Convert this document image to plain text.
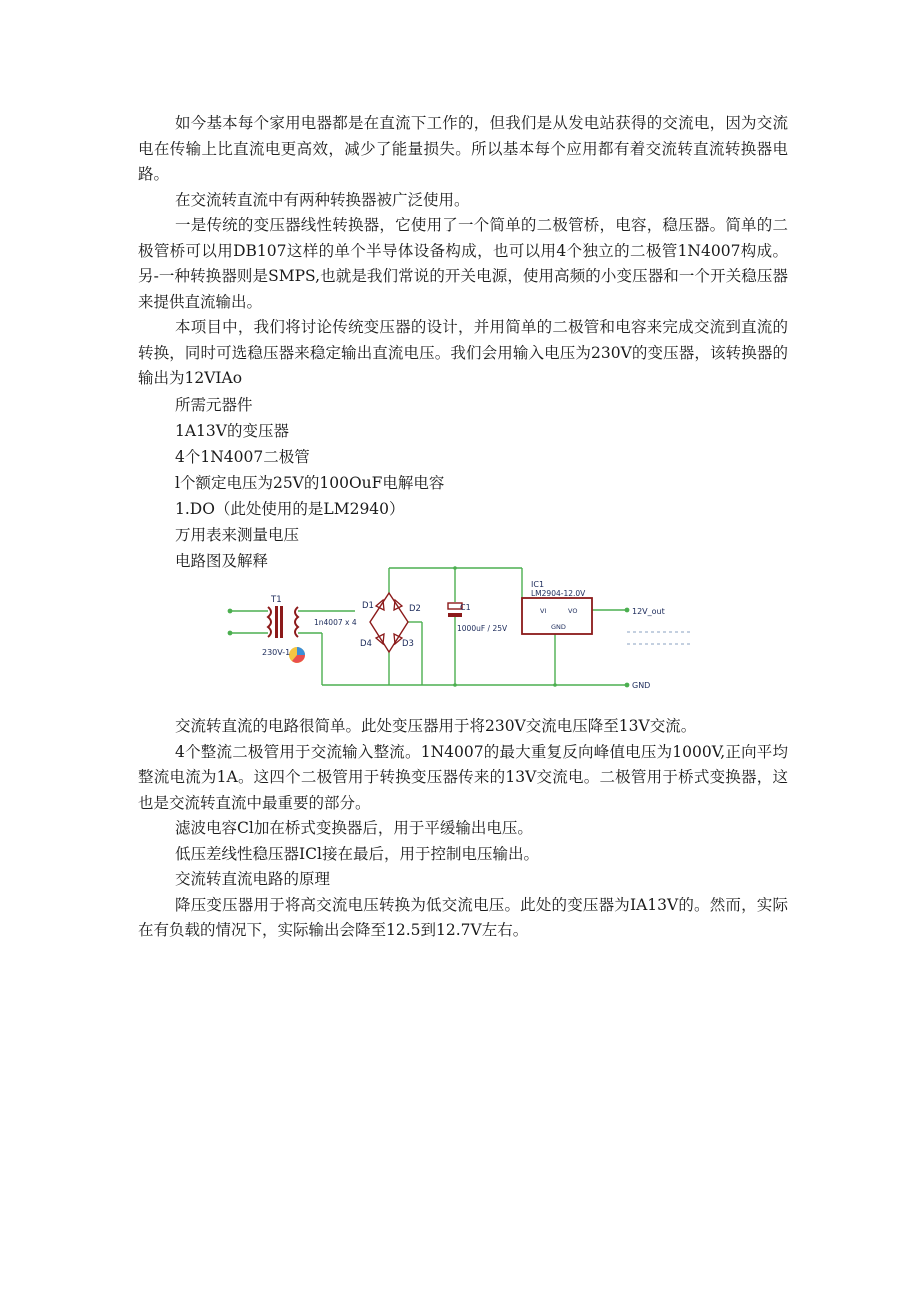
如今基本每个家用电器都是在直流下工作的，但我们是从发电站获得的交流电，因为交流电在传输上比直流电更高效，减少了能量损失。所以基本每个应用都有着交流转直流转换器电路。

在交流转直流中有两种转换器被广泛使用。

一是传统的变压器线性转换器，它使用了一个简单的二极管桥，电容，稳压器。简单的二极管桥可以用DB107这样的单个半导体设备构成，也可以用4个独立的二极管1N4007构成。另-一种转换器则是SMPS,也就是我们常说的开关电源，使用高频的小变压器和一个开关稳压器来提供直流输出。

本项目中，我们将讨论传统变压器的设计，并用简单的二极管和电容来完成交流到直流的转换，同时可选稳压器来稳定输出直流电压。我们会用输入电压为230V的变压器，该转换器的输出为12VIAo

所需元器件

1A13V的变压器

4个1N4007二极管

l个额定电压为25V的100OuF电解电容

1.DO（此处使用的是LM2940）

万用表来测量电压

电路图及解释

T1
230V-1
D1	D2
D3
D4
1n4007 x 4
C1
1000uF / 25V
IC1
LM2904-12.0V
VI	VO
GND
12V_out
GND

交流转直流的电路很简单。此处变压器用于将230V交流电压降至13V交流。

4个整流二极管用于交流输入整流。1N4007的最大重复反向峰值电压为1000V,正向平均整流电流为1A。这四个二极管用于转换变压器传来的13V交流电。二极管用于桥式变换器，这也是交流转直流中最重要的部分。

滤波电容Cl加在桥式变换器后，用于平缓输出电压。

低压差线性稳压器ICl接在最后，用于控制电压输出。

交流转直流电路的原理

降压变压器用于将高交流电压转换为低交流电压。此处的变压器为IA13V的。然而，实际在有负载的情况下，实际输出会降至12.5到12.7V左右。
